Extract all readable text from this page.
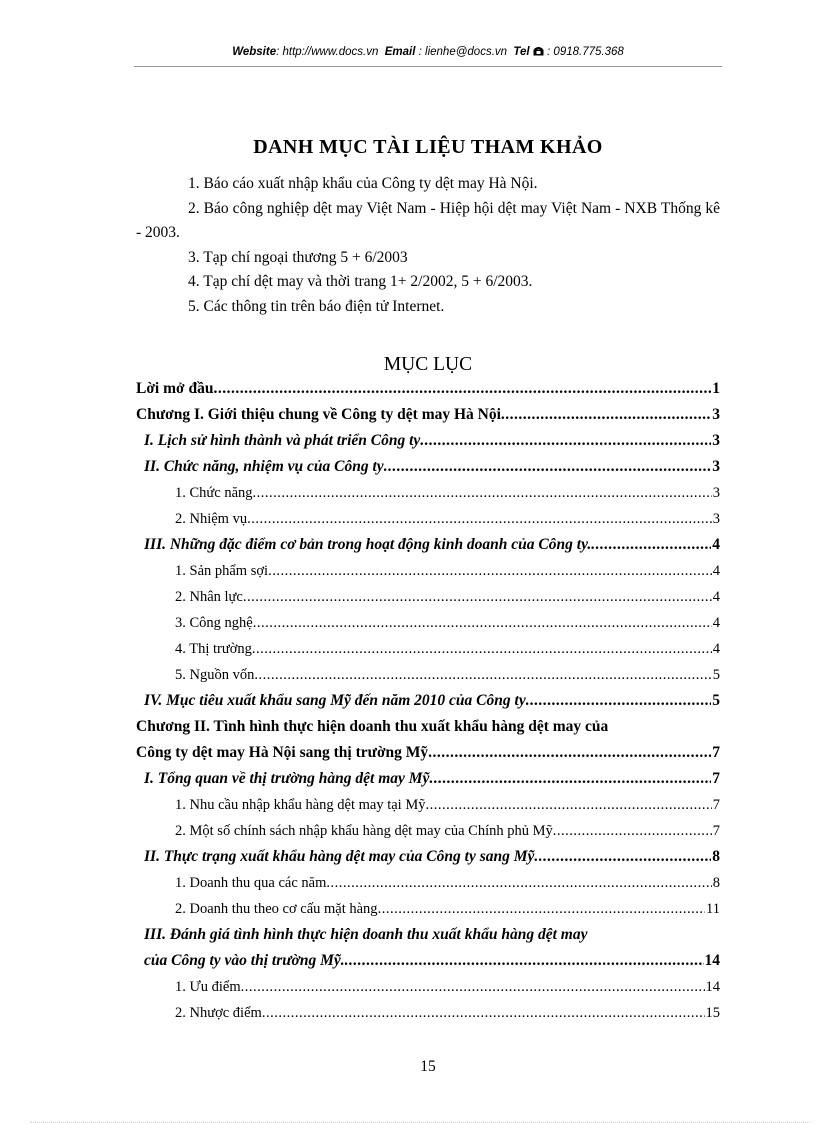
Website: http://www.docs.vn Email : lienhe@docs.vn Tel : 0918.775.368
DANH MỤC TÀI LIỆU THAM KHẢO

1. Báo cáo xuất nhập khẩu của Công ty dệt may Hà Nội.

2. Báo công nghiệp dệt may Việt Nam - Hiệp hội dệt may Việt Nam - NXB Thống kê - 2003.

3. Tạp chí ngoại thương 5 + 6/2003

4. Tạp chí dệt may và thời trang 1+ 2/2002, 5 + 6/2003.

5. Các thông tin trên báo điện tử Internet.

MỤC LỤC
Lời mở đầu .....	1
Chương I. Giới thiệu chung về Công ty dệt may Hà Nội .....	3
I. Lịch sử hình thành và phát triển Công ty .....	3
II. Chức năng, nhiệm vụ của Công ty .....	3
1. Chức năng .....	3
2. Nhiệm vụ .....	3
III. Những đặc điểm cơ bản trong hoạt động kinh doanh của Công ty. .....	4
1. Sản phẩm sợi .....	4
2. Nhân lực .....	4
3. Công nghệ .....	4
4. Thị trường .....	4
5. Nguồn vốn .....	5
IV. Mục tiêu xuất khẩu sang Mỹ đến năm 2010 của Công ty .....	5
Chương II. Tình hình thực hiện doanh thu xuất khẩu hàng dệt may của
Công ty dệt may Hà Nội sang thị trường Mỹ .....	7
I. Tổng quan về thị trường hàng dệt may Mỹ .....	7
1. Nhu cầu nhập khẩu hàng dệt may tại Mỹ .....	7
2. Một số chính sách nhập khẩu hàng dệt may của Chính phủ Mỹ .....	7
II. Thực trạng xuất khẩu hàng dệt may của Công ty sang Mỹ .....	8
1. Doanh thu qua các năm .....	8
2. Doanh thu theo cơ cấu mặt hàng .....	11
III. Đánh giá tình hình thực hiện doanh thu xuất khẩu hàng dệt may
của Công ty vào thị trường Mỹ. .....	14
1. Ưu điểm .....	14
2. Nhược điểm .....	15
15
